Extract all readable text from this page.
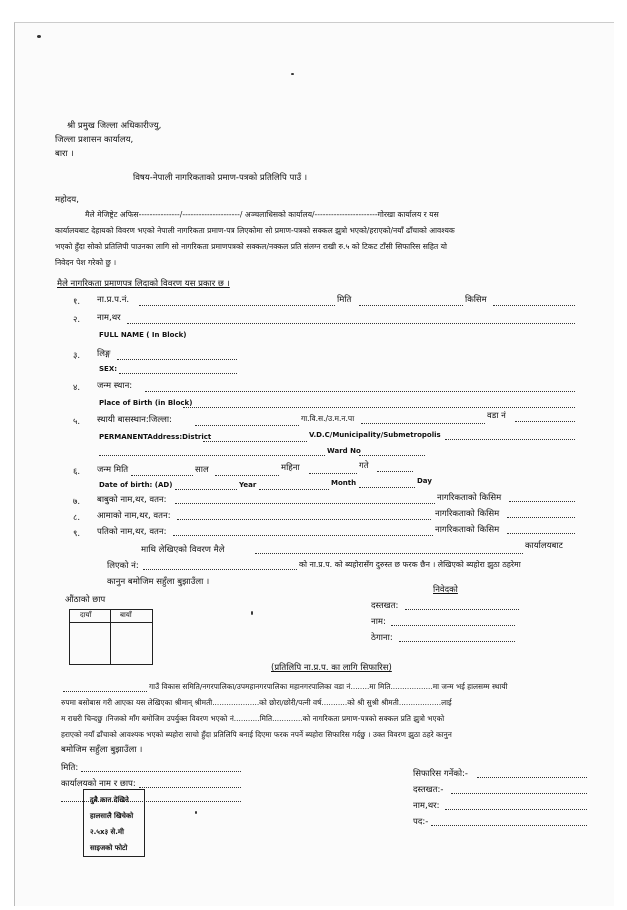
श्री प्रमुख जिल्ला अधिकारीज्यु,
जिल्ला प्रशासन कार्यालय,
बारा ।
विषय-नेपाली नागरिकताको प्रमाण-पत्रको प्रतिलिपि पाउँ ।
महोदय,
मैले मेजिष्ट्रेट अफिस---------------/---------------------/ अञ्चलाधिसको कार्यालय/-----------------------गोरखा कार्यालय र यस
कार्यालयबाट देहायको विवरण भएको नेपाली नागरिकता प्रमाण-पत्र लिएकोमा सो प्रमाण-पत्रको सक्कल झुत्रो भएको/हराएको/नयाँ ढाँचाको आवश्यक
भएको हुँदा सोको प्रतिलिपी पाउनका लागि सो नागरिकता प्रमाणपत्रको सक्कल/नक्कल प्रति संलग्न राखी रु.५ को टिकट टाँसी सिफारिस सहित यो
निवेदन पेश गरेको छु ।
मैले नागरिकता प्रमाणपत्र लिदाको विवरण यस प्रकार छ ।
१. ना.प्र.प.नं.	मिति	किसिम
२. नाम,थर
FULL NAME ( In Block)
३. लिङ्ग
SEX:
४. जन्म स्थान:
Place of Birth (in Block)
५. स्थायी बासस्थान:जिल्ला:	गा.वि.स./उ.म.न.पा	वडा नं
PERMANENTAddress:District	V.D.C/Municipality/Submetropolis
Ward No
६. जन्म मिति	साल	महिना	गते
Date of birth: (AD)	Year	Month	Day
७. बाबुको नाम,थर, वतन:	नागरिकताको किसिम
८. आमाको नाम,थर, वतन:	नागरिकताको किसिम
९. पतिको नाम,थर, वतन:	नागरिकताको किसिम
माथि लेखिएको विवरण मैले	कार्यालयबाट
लिएको नं:	को ना.प्र.प. को ब्यहोरासँग दुरुस्त छ फरक छैन । लेखिएको ब्यहोरा झुठा ठहरेमा
कानुन बमोजिम सहुँला बुझाउँला ।
औंठाको छाप
दायाँ	बायाँ
निवेदको
दस्तखत:
नाम:
ठेगाना:
(प्रतिलिपि ना.प्र.प. का लागि सिफारिस)
गाउँ विकास समिति/नगरपालिका/उपमहानगरपालिका महानगरपालिका वडा नं........मा मिति..................मा जन्म भई हालसम्म स्थायी
रुपमा बसोबास गरी आएका यस लेखिएका श्रीमान् श्रीमती....................को छोरा/छोरी/पत्नी वर्ष...........को श्री सुश्री श्रीमती..................लाई
म राम्ररी चिन्दछु ।निजको माँग बमोजिम उपर्युक्त विवरण भएको नं...........मिति.............को नागरिकता प्रमाण-पत्रको सक्कल प्रति झुत्रो भएको
हराएको नयाँ ढाँचाको आवश्यक भएको ब्यहोरा साचो हुँदा प्रतिलिपि बनाई दिएमा फरक नपर्ने ब्यहोरा सिफारिस गर्दछु । उक्त विवरण झुठा ठहरे कानुन
बमोजिम सहुँला बुझाउँला ।
मिति:
कार्यालयको नाम र छाप:
सिफारिस गर्नेको:-
दस्तखत:-
नाम,थर:
पद:-
दुबै कान देखिने
हालसालै खिचेको
२.५x३ से.मी
साइजको फोटो
